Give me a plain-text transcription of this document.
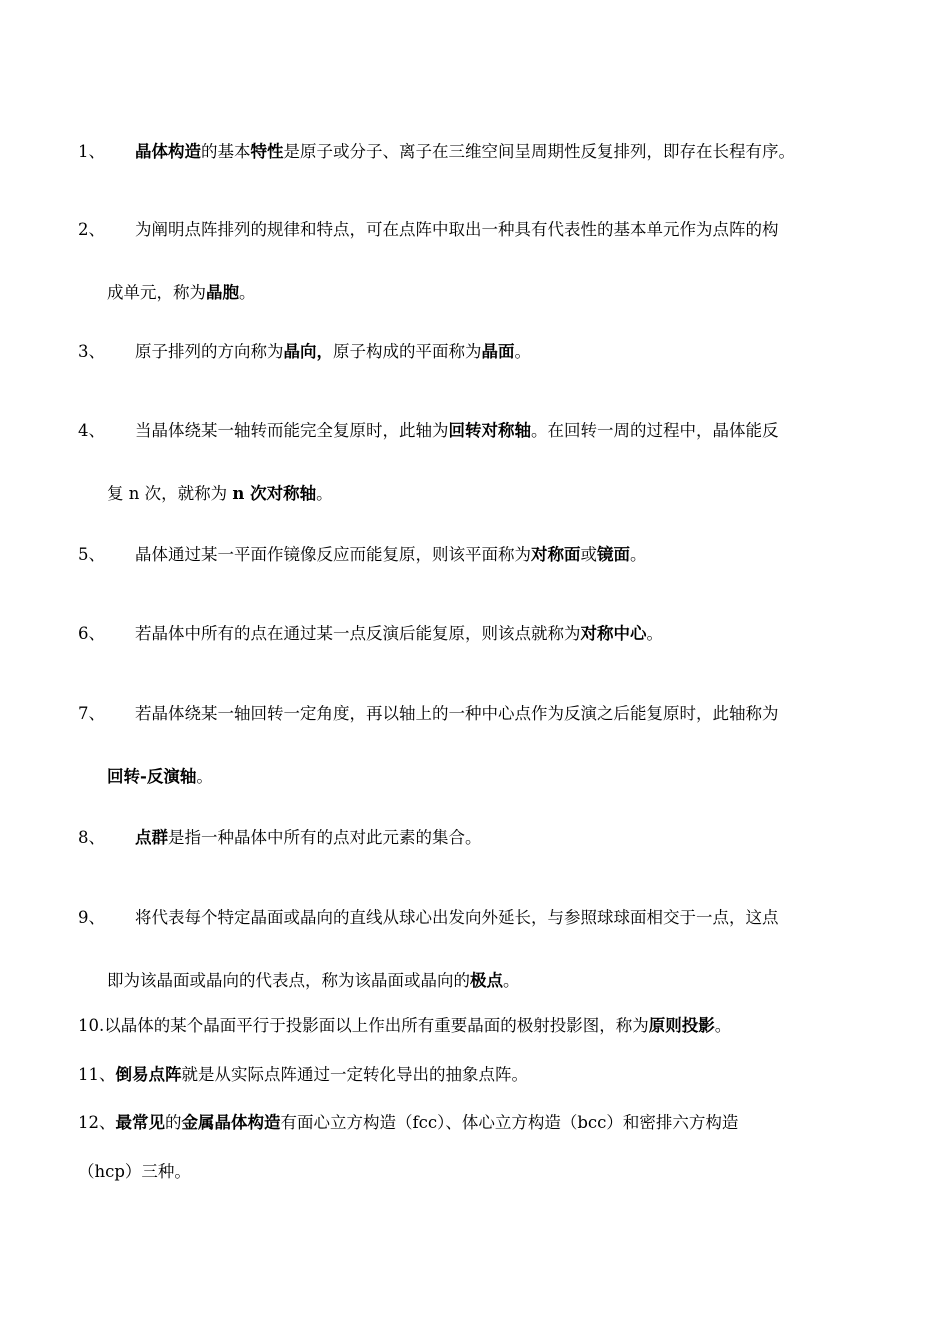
1、 晶体构造的基本特性是原子或分子、离子在三维空间呈周期性反复排列，即存在长程有序。
2、 为阐明点阵排列的规律和特点，可在点阵中取出一种具有代表性的基本单元作为点阵的构
成单元，称为晶胞。
3、 原子排列的方向称为晶向，原子构成的平面称为晶面。
4、 当晶体绕某一轴转而能完全复原时，此轴为回转对称轴。在回转一周的过程中，晶体能反
复 n 次，就称为 n 次对称轴。
5、 晶体通过某一平面作镜像反应而能复原，则该平面称为对称面或镜面。
6、 若晶体中所有的点在通过某一点反演后能复原，则该点就称为对称中心。
7、 若晶体绕某一轴回转一定角度，再以轴上的一种中心点作为反演之后能复原时，此轴称为
回转-反演轴。
8、 点群是指一种晶体中所有的点对此元素的集合。
9、 将代表每个特定晶面或晶向的直线从球心出发向外延长，与参照球球面相交于一点，这点
即为该晶面或晶向的代表点，称为该晶面或晶向的极点。
10.以晶体的某个晶面平行于投影面以上作出所有重要晶面的极射投影图，称为原则投影。
11、倒易点阵就是从实际点阵通过一定转化导出的抽象点阵。
12、最常见的金属晶体构造有面心立方构造（fcc）、体心立方构造（bcc）和密排六方构造
（hcp）三种。
